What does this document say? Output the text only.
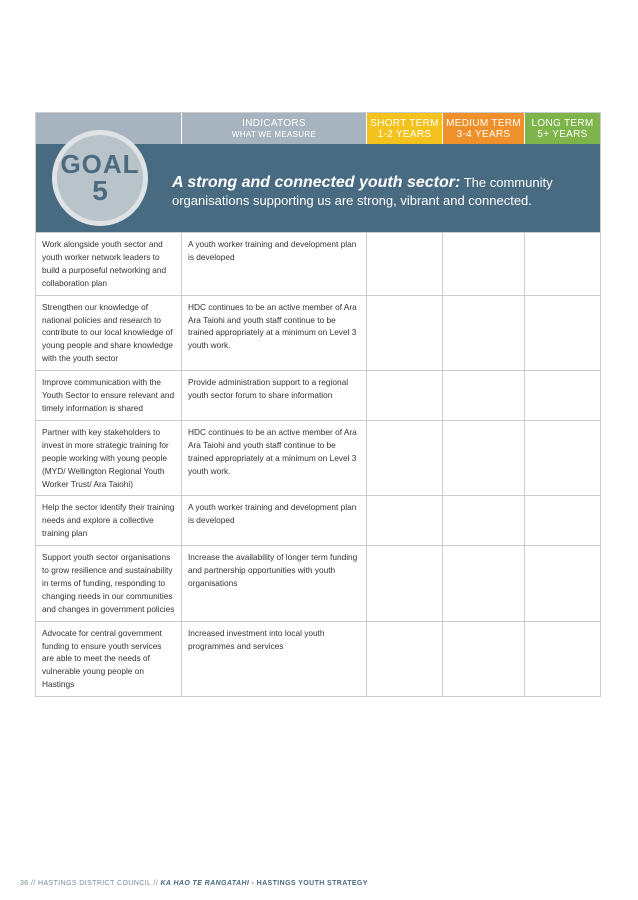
INDICATORS
WHAT WE MEASURE
SHORT TERM
1-2 YEARS
MEDIUM TERM
3-4 YEARS
LONG TERM
5+ YEARS
GOAL
5	A strong and connected youth sector: The community organisations supporting us are strong, vibrant and connected.
Work alongside youth sector and youth worker network leaders to build a purposeful networking and collaboration plan
A youth worker training and development plan is developed
Strengthen our knowledge of national policies and research to contribute to our local knowledge of young people and share knowledge with the youth sector
HDC continues to be an active member of Ara Ara Taiohi and youth staff continue to be trained appropriately at a minimum on Level 3 youth work.
Improve communication with the Youth Sector to ensure relevant and timely information is shared
Provide administration support to a regional youth sector forum to share information
Partner with key stakeholders to invest in more strategic training for people working with young people (MYD/ Wellington Regional Youth Worker Trust/ Ara Taiohi)
HDC continues to be an active member of Ara Ara Taiohi and youth staff continue to be trained appropriately at a minimum on Level 3 youth work.
Help the sector identify their training needs and explore a collective training plan
A youth worker training and development plan is developed
Support youth sector organisations to grow resilience and sustainability in terms of funding, responding to changing needs in our communities and changes in government policies
Increase the availability of longer term funding and partnership opportunities with youth organisations
Advocate for central government funding to ensure youth services are able to meet the needs of vulnerable young people on Hastings
Increased investment into local youth programmes and services
36 // HASTINGS DISTRICT COUNCIL // KA HAO TE RANGATAHI - HASTINGS YOUTH STRATEGY
